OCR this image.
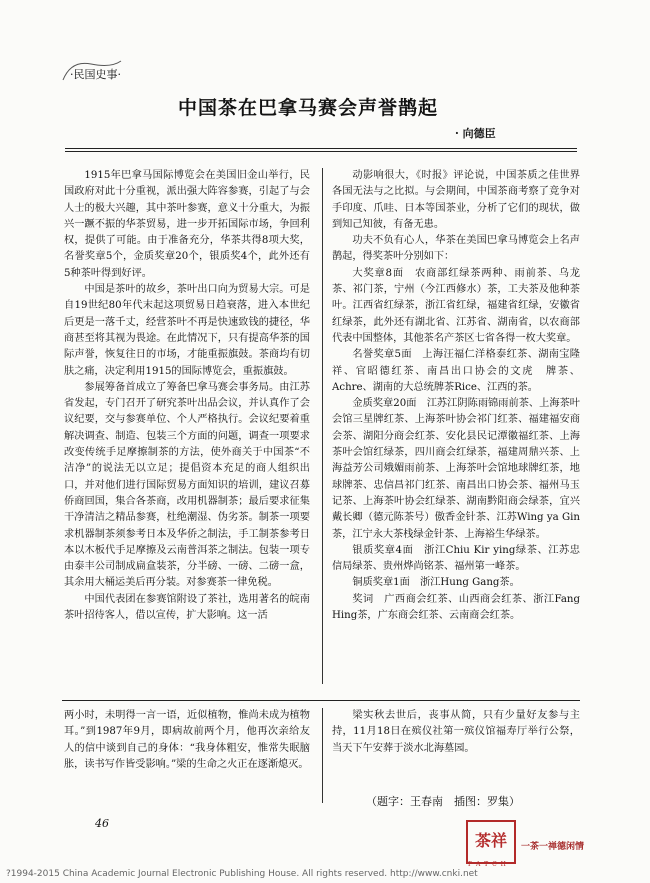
·民国史事·
中国茶在巴拿马赛会声誉鹊起
· 向德臣

1915年巴拿马国际博览会在美国旧金山举行，民国政府对此十分重视，派出强大阵容参赛，引起了与会人士的极大兴趣，其中茶叶参赛，意义十分重大，为振兴一蹶不振的华茶贸易，进一步开拓国际市场，争回利权，提供了可能。由于准备充分，华茶共得8项大奖，名誉奖章5个，金质奖章20个，银质奖4个，此外还有5种茶叶得到好评。

中国是茶叶的故乡，茶叶出口向为贸易大宗。可是自19世纪80年代末起这项贸易日趋衰落，进入本世纪后更是一落千丈，经营茶叶不再是快速致钱的捷径，华商甚至将其视为畏途。在此情况下，只有提高华茶的国际声誉，恢复往日的市场，才能重振旗鼓。茶商均有切肤之痛，决定利用1915的国际博览会，重振旗鼓。

参展筹备首成立了筹备巴拿马赛会事务局。由江苏省发起，专门召开了研究茶叶出品会议，并认真作了会议纪要，交与参赛单位、个人严格执行。会议纪要着重解决调查、制造、包装三个方面的问题，调查一项要求改变传统手足摩擦制茶的方法，使外商关于中国茶“不洁净”的说法无以立足；提倡资本充足的商人组织出口，并对他们进行国际贸易方面知识的培训，建议召募侨商回国，集合各茶商，改用机器制茶；最后要求征集干净清洁之精品参赛，杜绝潮湿、伪劣茶。制茶一项要求机器制茶须参考日本及华侨之制法，手工制茶参考日本以木板代手足摩擦及云南普洱茶之制法。包装一项专由泰丰公司制成扁盒装茶，分半磅、一磅、二磅一盒，其余用大桶运美后再分装。对参赛茶一律免税。

中国代表团在参赛馆附设了茶社，选用著名的皖南茶叶招待客人，借以宣传，扩大影响。这一活

动影响很大，《时报》评论说，中国茶质之佳世界各国无法与之比拟。与会期间，中国茶商考察了竞争对手印度、爪哇、日本等国茶业，分析了它们的现状，做到知己知彼，有备无患。

功夫不负有心人，华茶在美国巴拿马博览会上名声鹊起，得奖茶叶分别如下：

大奖章8面　农商部红绿茶两种、雨前茶、乌龙茶、祁门茶，宁州（今江西修水）茶，工夫茶及他种茶叶。江西省红绿茶，浙江省红绿，福建省红绿，安徽省红绿茶，此外还有湖北省、江苏省、湖南省，以农商部代表中国整体，其他茶名产茶区七省各得一枚大奖章。

名誉奖章5面　上海汪福仁洋格泰红茶、湖南宝隆祥、官昭德红茶、南昌出口协会的文虎　牌茶、Achre、湖南的大总统牌茶Rice、江西的茶。

金质奖章20面　江苏江阴陈雨锦雨前茶、上海茶叶会馆三星牌红茶、上海茶叶协会祁门红茶、福建福安商会茶、湖阳分商会红茶、安化县民记潭徽福红茶、上海茶叶会馆红绿茶，四川商会红绿茶，福建周鼎兴茶、上海益芳公司娥媚雨前茶、上海茶叶会馆地球牌红茶，地球牌茶、忠信昌祁门红茶、南昌出口协会茶、福州马玉记茶、上海茶叶协会红绿茶、湖南黔阳商会绿茶，宜兴戴长卿（德元陈茶号）傲香金针茶、江苏Wing ya Gin茶，江宁永大茶栈绿金针茶、上海裕生华绿茶。

银质奖章4面　浙江Chiu Kir ying绿茶、江苏忠信局绿茶、贵州烨尚铭茶、福州第一峰茶。

铜质奖章1面　浙江Hung Gang茶。

奖词　广西商会红茶、山西商会红茶、浙江Fang Hing茶，广东商会红茶、云南商会红茶。

两小时，未明得一言一语，近似植物，惟尚未成为植物耳。”到1987年9月，即病故前两个月，他再次亲给友人的信中谈到自己的身体：“我身体粗安，惟常失眠脑胀，读书写作皆受影响。”梁的生命之火正在逐渐熄灭。

梁实秋去世后，丧事从简，只有少量好友参与主持，11月18日在殡仪社第一殡仪馆福寿厅举行公祭，当天下午安葬于淡水北海墓园。

（题字：王春南　插图：罗集）
46
茶祥
P A T C H
一茶一禅德闲情
?1994-2015 China Academic Journal Electronic Publishing House. All rights reserved. http://www.cnki.net
